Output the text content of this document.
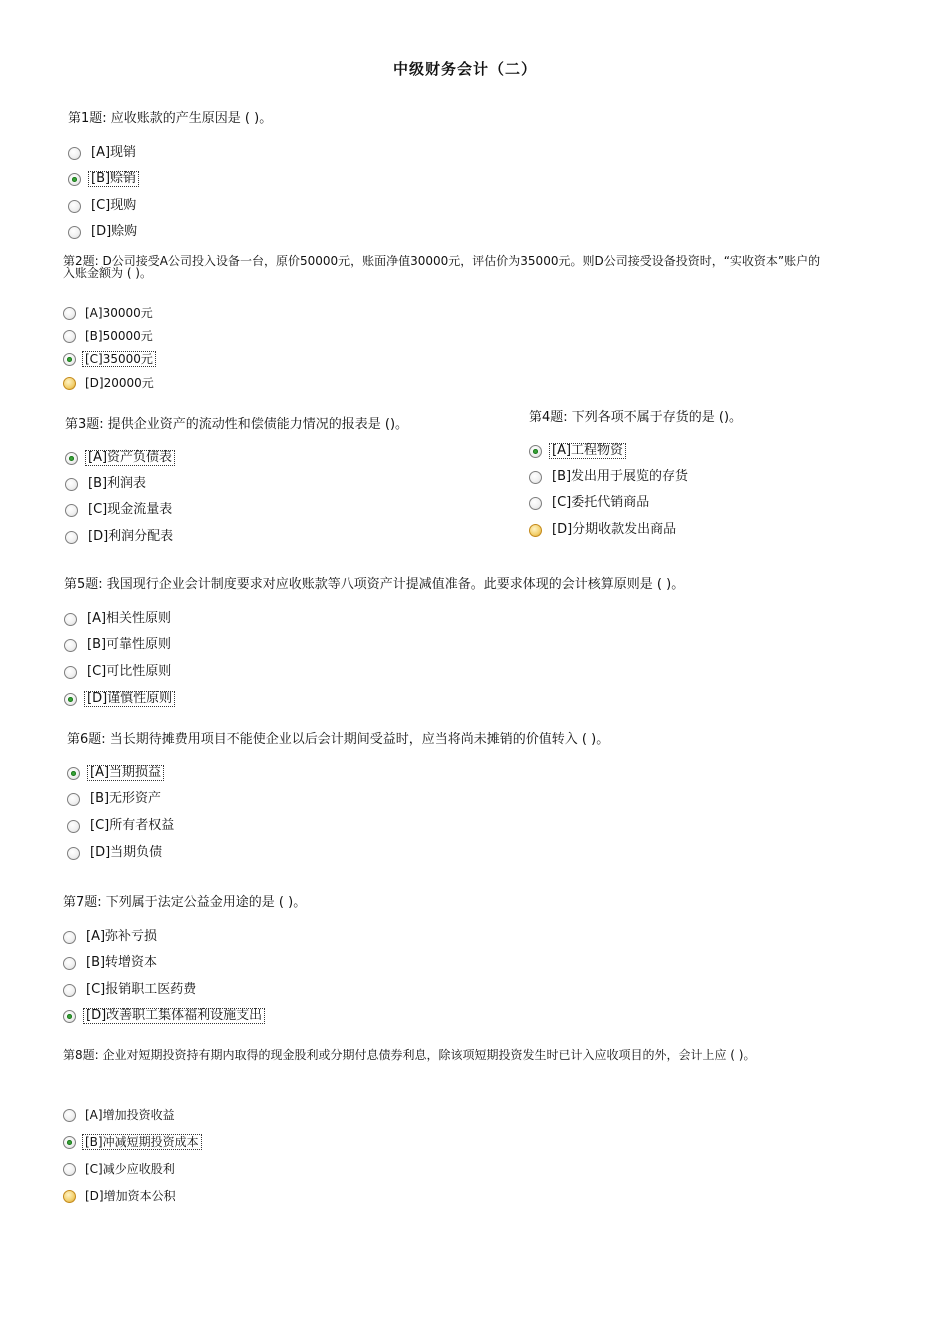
中级财务会计（二）
第1题: 应收账款的产生原因是 ( )。
[A]现销
[B]赊销
[C]现购
[D]赊购
第2题: D公司接受A公司投入设备一台，原价50000元，账面净值30000元，评估价为35000元。则D公司接受设备投资时，“实收资本”账户的入账金额为 ( )。
[A]30000元
[B]50000元
[C]35000元
[D]20000元
第3题: 提供企业资产的流动性和偿债能力情况的报表是 ()。
[A]资产负债表
[B]利润表
[C]现金流量表
[D]利润分配表
第4题: 下列各项不属于存货的是 ()。
[A]工程物资
[B]发出用于展览的存货
[C]委托代销商品
[D]分期收款发出商品
第5题: 我国现行企业会计制度要求对应收账款等八项资产计提减值准备。此要求体现的会计核算原则是 ( )。
[A]相关性原则
[B]可靠性原则
[C]可比性原则
[D]谨慎性原则
第6题: 当长期待摊费用项目不能使企业以后会计期间受益时，应当将尚未摊销的价值转入 ( )。
[A]当期损益
[B]无形资产
[C]所有者权益
[D]当期负债
第7题: 下列属于法定公益金用途的是 ( )。
[A]弥补亏损
[B]转增资本
[C]报销职工医药费
[D]改善职工集体福利设施支出
第8题: 企业对短期投资持有期内取得的现金股利或分期付息债券利息，除该项短期投资发生时已计入应收项目的外，会计上应 ( )。
[A]增加投资收益
[B]冲减短期投资成本
[C]减少应收股利
[D]增加资本公积
